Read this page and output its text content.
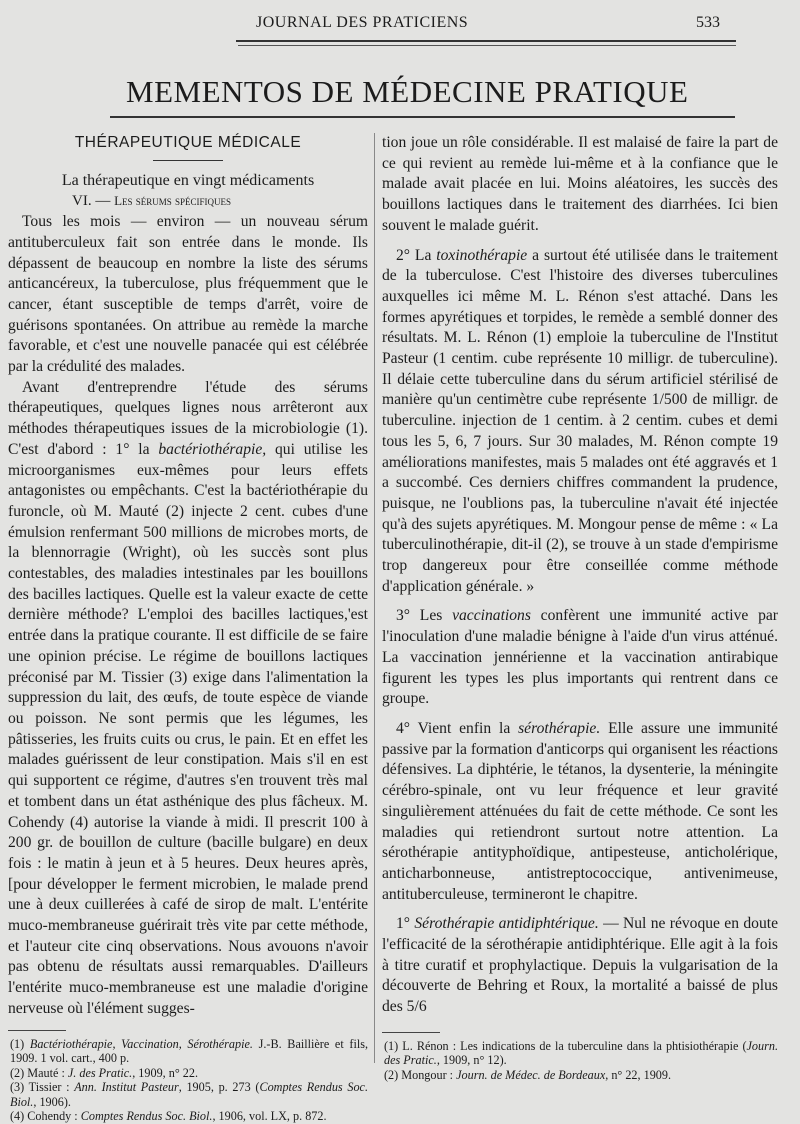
JOURNAL DES PRATICIENS	533
MEMENTOS DE MÉDECINE PRATIQUE

THÉRAPEUTIQUE MÉDICALE

La thérapeutique en vingt médicaments

VI. — Les sérums spécifiques

Tous les mois — environ — un nouveau sérum antituberculeux fait son entrée dans le monde. Ils dépassent de beaucoup en nombre la liste des sérums anticancéreux, la tuberculose, plus fréquemment que le cancer, étant susceptible de temps d'arrêt, voire de guérisons spontanées. On attribue au remède la marche favorable, et c'est une nouvelle panacée qui est célébrée par la crédulité des malades.

Avant d'entreprendre l'étude des sérums thérapeutiques, quelques lignes nous arrêteront aux méthodes thérapeutiques issues de la microbiologie (1). C'est d'abord : 1° la bactériothérapie, qui utilise les microorganismes eux-mêmes pour leurs effets antagonistes ou empêchants. C'est la bactériothérapie du furoncle, où M. Mauté (2) injecte 2 cent. cubes d'une émulsion renfermant 500 millions de microbes morts, de la blennorragie (Wright), où les succès sont plus contestables, des maladies intestinales par les bouillons des bacilles lactiques. Quelle est la valeur exacte de cette dernière méthode? L'emploi des bacilles lactiques,'est entrée dans la pratique courante. Il est difficile de se faire une opinion précise. Le régime de bouillons lactiques préconisé par M. Tissier (3) exige dans l'alimentation la suppression du lait, des œufs, de toute espèce de viande ou poisson. Ne sont permis que les légumes, les pâtisseries, les fruits cuits ou crus, le pain. Et en effet les malades guérissent de leur constipation. Mais s'il en est qui supportent ce régime, d'autres s'en trouvent très mal et tombent dans un état asthénique des plus fâcheux. M. Cohendy (4) autorise la viande à midi. Il prescrit 100 à 200 gr. de bouillon de culture (bacille bulgare) en deux fois : le matin à jeun et à 5 heures. Deux heures après, [pour développer le ferment microbien, le malade prend une à deux cuillerées à café de sirop de malt. L'entérite muco-membraneuse guérirait très vite par cette méthode, et l'auteur cite cinq observations. Nous avouons n'avoir pas obtenu de résultats aussi remarquables. D'ailleurs l'entérite muco-membraneuse est une maladie d'origine nerveuse où l'élément sugges-

(1) Bactériothérapie, Vaccination, Sérothérapie. J.-B. Baillière et fils, 1909. 1 vol. cart., 400 p.

(2) Mauté : J. des Pratic., 1909, n° 22.

(3) Tissier : Ann. Institut Pasteur, 1905, p. 273 (Comptes Rendus Soc. Biol., 1906).

(4) Cohendy : Comptes Rendus Soc. Biol., 1906, vol. LX, p. 872.

tion joue un rôle considérable. Il est malaisé de faire la part de ce qui revient au remède lui-même et à la confiance que le malade avait placée en lui. Moins aléatoires, les succès des bouillons lactiques dans le traitement des diarrhées. Ici bien souvent le malade guérit.

2° La toxinothérapie a surtout été utilisée dans le traitement de la tuberculose. C'est l'histoire des diverses tuberculines auxquelles ici même M. L. Rénon s'est attaché. Dans les formes apyrétiques et torpides, le remède a semblé donner des résultats. M. L. Rénon (1) emploie la tuberculine de l'Institut Pasteur (1 centim. cube représente 10 milligr. de tuberculine). Il délaie cette tuberculine dans du sérum artificiel stérilisé de manière qu'un centimètre cube représente 1/500 de milligr. de tuberculine. injection de 1 centim. à 2 centim. cubes et demi tous les 5, 6, 7 jours. Sur 30 malades, M. Rénon compte 19 améliorations manifestes, mais 5 malades ont été aggravés et 1 a succombé. Ces derniers chiffres commandent la prudence, puisque, ne l'oublions pas, la tuberculine n'avait été injectée qu'à des sujets apyrétiques. M. Mongour pense de même : « La tuberculinothérapie, dit-il (2), se trouve à un stade d'empirisme trop dangereux pour être conseillée comme méthode d'application générale. »

3° Les vaccinations confèrent une immunité active par l'inoculation d'une maladie bénigne à l'aide d'un virus atténué. La vaccination jennérienne et la vaccination antirabique figurent les types les plus importants qui rentrent dans ce groupe.

4° Vient enfin la sérothérapie. Elle assure une immunité passive par la formation d'anticorps qui organisent les réactions défensives. La diphtérie, le tétanos, la dysenterie, la méningite cérébro-spinale, ont vu leur fréquence et leur gravité singulièrement atténuées du fait de cette méthode. Ce sont les maladies qui retiendront surtout notre attention. La sérothérapie antityphoïdique, antipesteuse, anticholérique, anticharbonneuse, antistreptococcique, antivenimeuse, antituberculeuse, termineront le chapitre.

1° Sérothérapie antidiphtérique. — Nul ne révoque en doute l'efficacité de la sérothérapie antidiphtérique. Elle agit à la fois à titre curatif et prophylactique. Depuis la vulgarisation de la découverte de Behring et Roux, la mortalité a baissé de plus des 5/6

(1) L. Rénon : Les indications de la tuberculine dans la phtisiothérapie (Journ. des Pratic., 1909, n° 12).

(2) Mongour : Journ. de Médec. de Bordeaux, n° 22, 1909.
